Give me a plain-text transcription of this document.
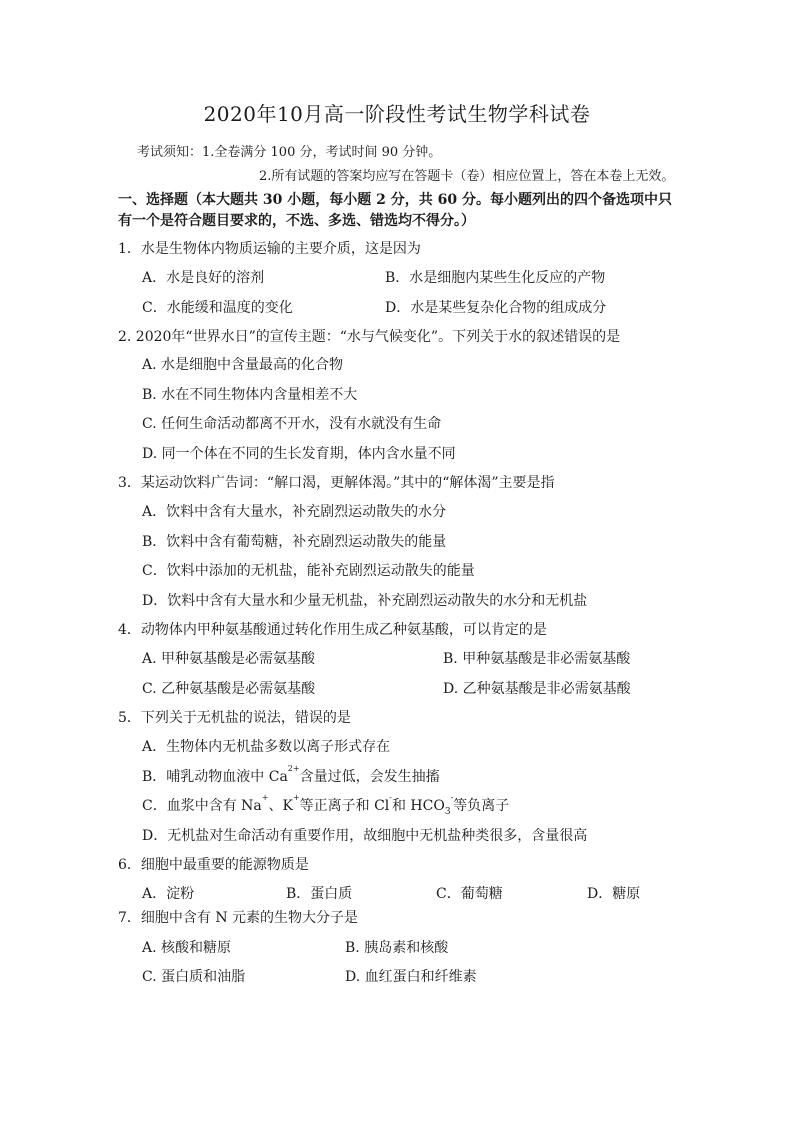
2020年10月高一阶段性考试生物学科试卷
考试须知：1.全卷满分 100 分，考试时间 90 分钟。
2.所有试题的答案均应写在答题卡（卷）相应位置上，答在本卷上无效。
一、选择题（本大题共 30 小题，每小题 2 分，共 60 分。每小题列出的四个备选项中只
有一个是符合题目要求的，不选、多选、错选均不得分。）
1．水是生物体内物质运输的主要介质，这是因为
A．水是良好的溶剂	B．水是细胞内某些生化反应的产物
C．水能缓和温度的变化	D．水是某些复杂化合物的组成成分
2. 2020年“世界水日”的宣传主题：“水与气候变化”。下列关于水的叙述错误的是
A. 水是细胞中含量最高的化合物
B. 水在不同生物体内含量相差不大
C. 任何生命活动都离不开水，没有水就没有生命
D. 同一个体在不同的生长发育期，体内含水量不同
3．某运动饮料广告词：“解口渴，更解体渴。”其中的“解体渴”主要是指
A．饮料中含有大量水，补充剧烈运动散失的水分
B．饮料中含有葡萄糖，补充剧烈运动散失的能量
C．饮料中添加的无机盐，能补充剧烈运动散失的能量
D．饮料中含有大量水和少量无机盐，补充剧烈运动散失的水分和无机盐
4．动物体内甲种氨基酸通过转化作用生成乙种氨基酸，可以肯定的是
A. 甲种氨基酸是必需氨基酸	B. 甲种氨基酸是非必需氨基酸
C. 乙种氨基酸是必需氨基酸	D. 乙种氨基酸是非必需氨基酸
5．下列关于无机盐的说法，错误的是
A．生物体内无机盐多数以离子形式存在
B．哺乳动物血液中 $Ca^{2+}$含量过低，会发生抽搐
C．血浆中含有 Na+、K+等正离子和 Cl-和 $HCO_3^-$等负离子
D．无机盐对生命活动有重要作用，故细胞中无机盐种类很多，含量很高
6．细胞中最重要的能源物质是
A．淀粉	B．蛋白质	C．葡萄糖	D．糖原
7．细胞中含有 N 元素的生物大分子是
A. 核酸和糖原	B. 胰岛素和核酸
C. 蛋白质和油脂	D. 血红蛋白和纤维素
